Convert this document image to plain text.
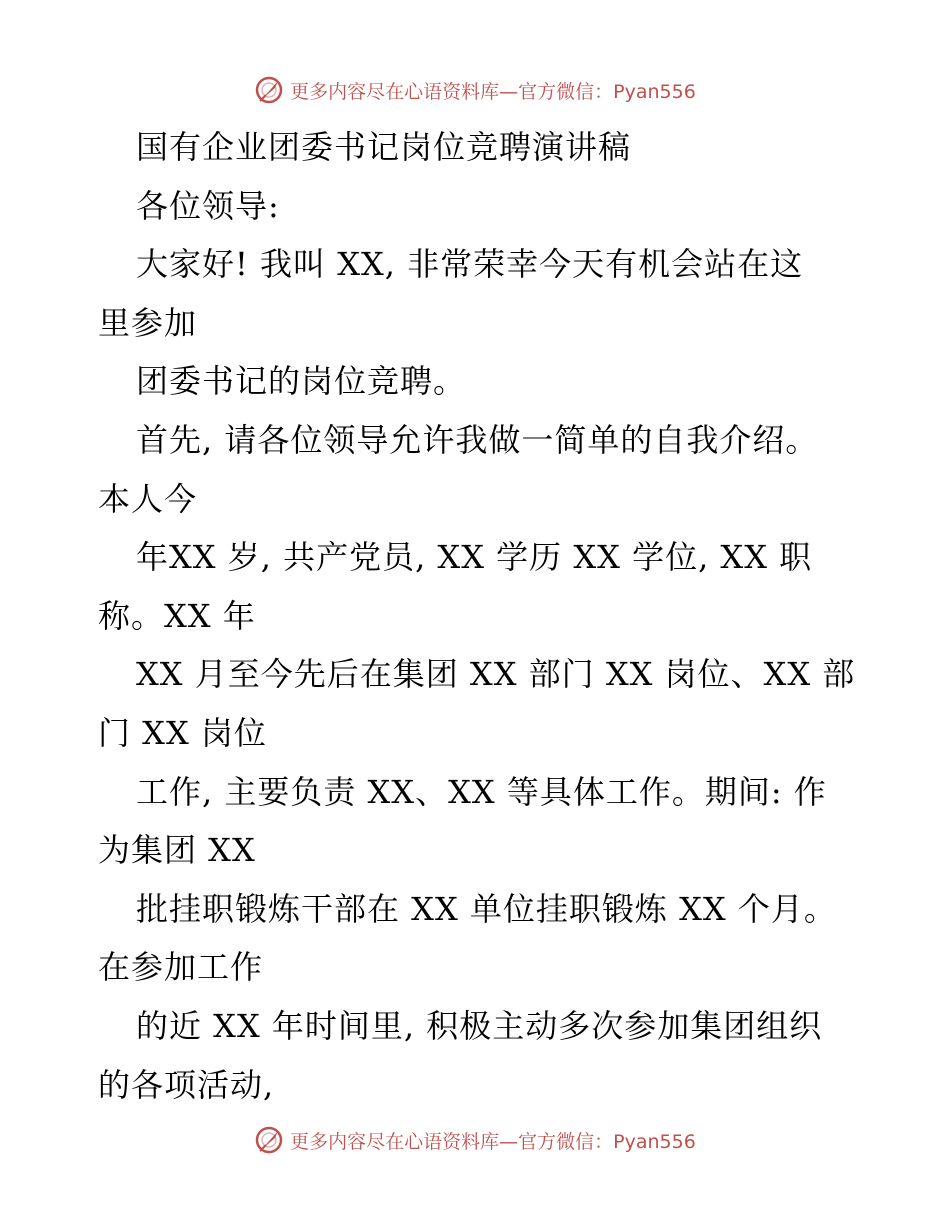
更多内容尽在心语资料库—官方微信：Pyan556
国有企业团委书记岗位竞聘演讲稿
各位领导:
大家好! 我叫 XX, 非常荣幸今天有机会站在这
里参加
团委书记的岗位竞聘。
首先, 请各位领导允许我做一简单的自我介绍。
本人今
年XX 岁, 共产党员, XX 学历 XX 学位, XX 职
称。XX 年
XX 月至今先后在集团 XX 部门 XX 岗位、XX 部
门 XX 岗位
工作, 主要负责 XX、XX 等具体工作。期间: 作
为集团 XX
批挂职锻炼干部在 XX 单位挂职锻炼 XX 个月。
在参加工作
的近 XX 年时间里, 积极主动多次参加集团组织
的各项活动,
更多内容尽在心语资料库—官方微信：Pyan556
